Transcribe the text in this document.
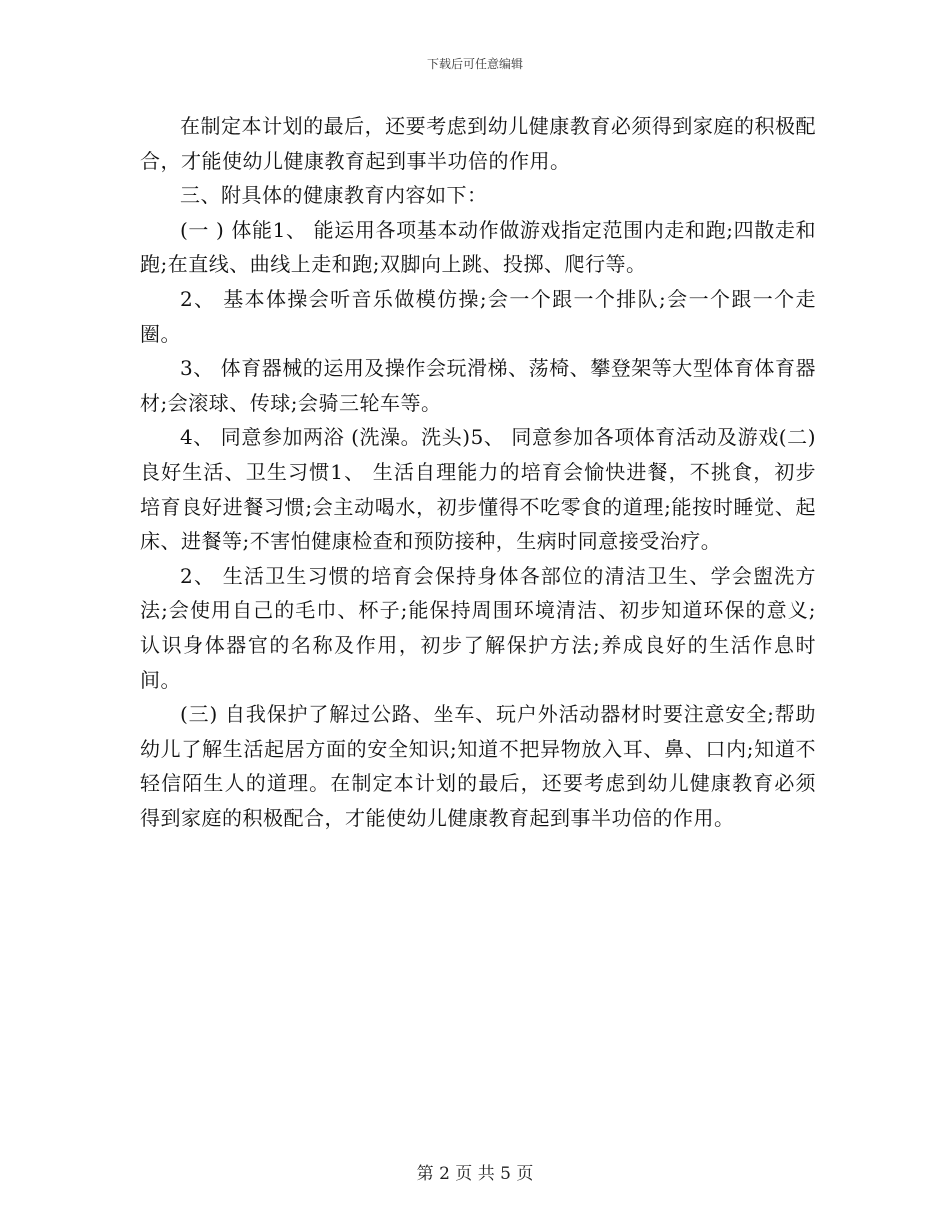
下载后可任意编辑

在制定本计划的最后，还要考虑到幼儿健康教育必须得到家庭的积极配合，才能使幼儿健康教育起到事半功倍的作用。

三、附具体的健康教育内容如下：

(一 ) 体能1、 能运用各项基本动作做游戏指定范围内走和跑;四散走和跑;在直线、曲线上走和跑;双脚向上跳、投掷、爬行等。

2、 基本体操会听音乐做模仿操;会一个跟一个排队;会一个跟一个走圈。

3、 体育器械的运用及操作会玩滑梯、荡椅、攀登架等大型体育体育器材;会滚球、传球;会骑三轮车等。

4、 同意参加两浴 (洗澡。洗头)5、 同意参加各项体育活动及游戏(二) 良好生活、卫生习惯1、 生活自理能力的培育会愉快进餐，不挑食，初步培育良好进餐习惯;会主动喝水，初步懂得不吃零食的道理;能按时睡觉、起床、进餐等;不害怕健康检查和预防接种，生病时同意接受治疗。

2、 生活卫生习惯的培育会保持身体各部位的清洁卫生、学会盥洗方法;会使用自己的毛巾、杯子;能保持周围环境清洁、初步知道环保的意义;认识身体器官的名称及作用，初步了解保护方法;养成良好的生活作息时间。

(三) 自我保护了解过公路、坐车、玩户外活动器材时要注意安全;帮助幼儿了解生活起居方面的安全知识;知道不把异物放入耳、鼻、口内;知道不轻信陌生人的道理。在制定本计划的最后，还要考虑到幼儿健康教育必须得到家庭的积极配合，才能使幼儿健康教育起到事半功倍的作用。

第 2 页 共 5 页
